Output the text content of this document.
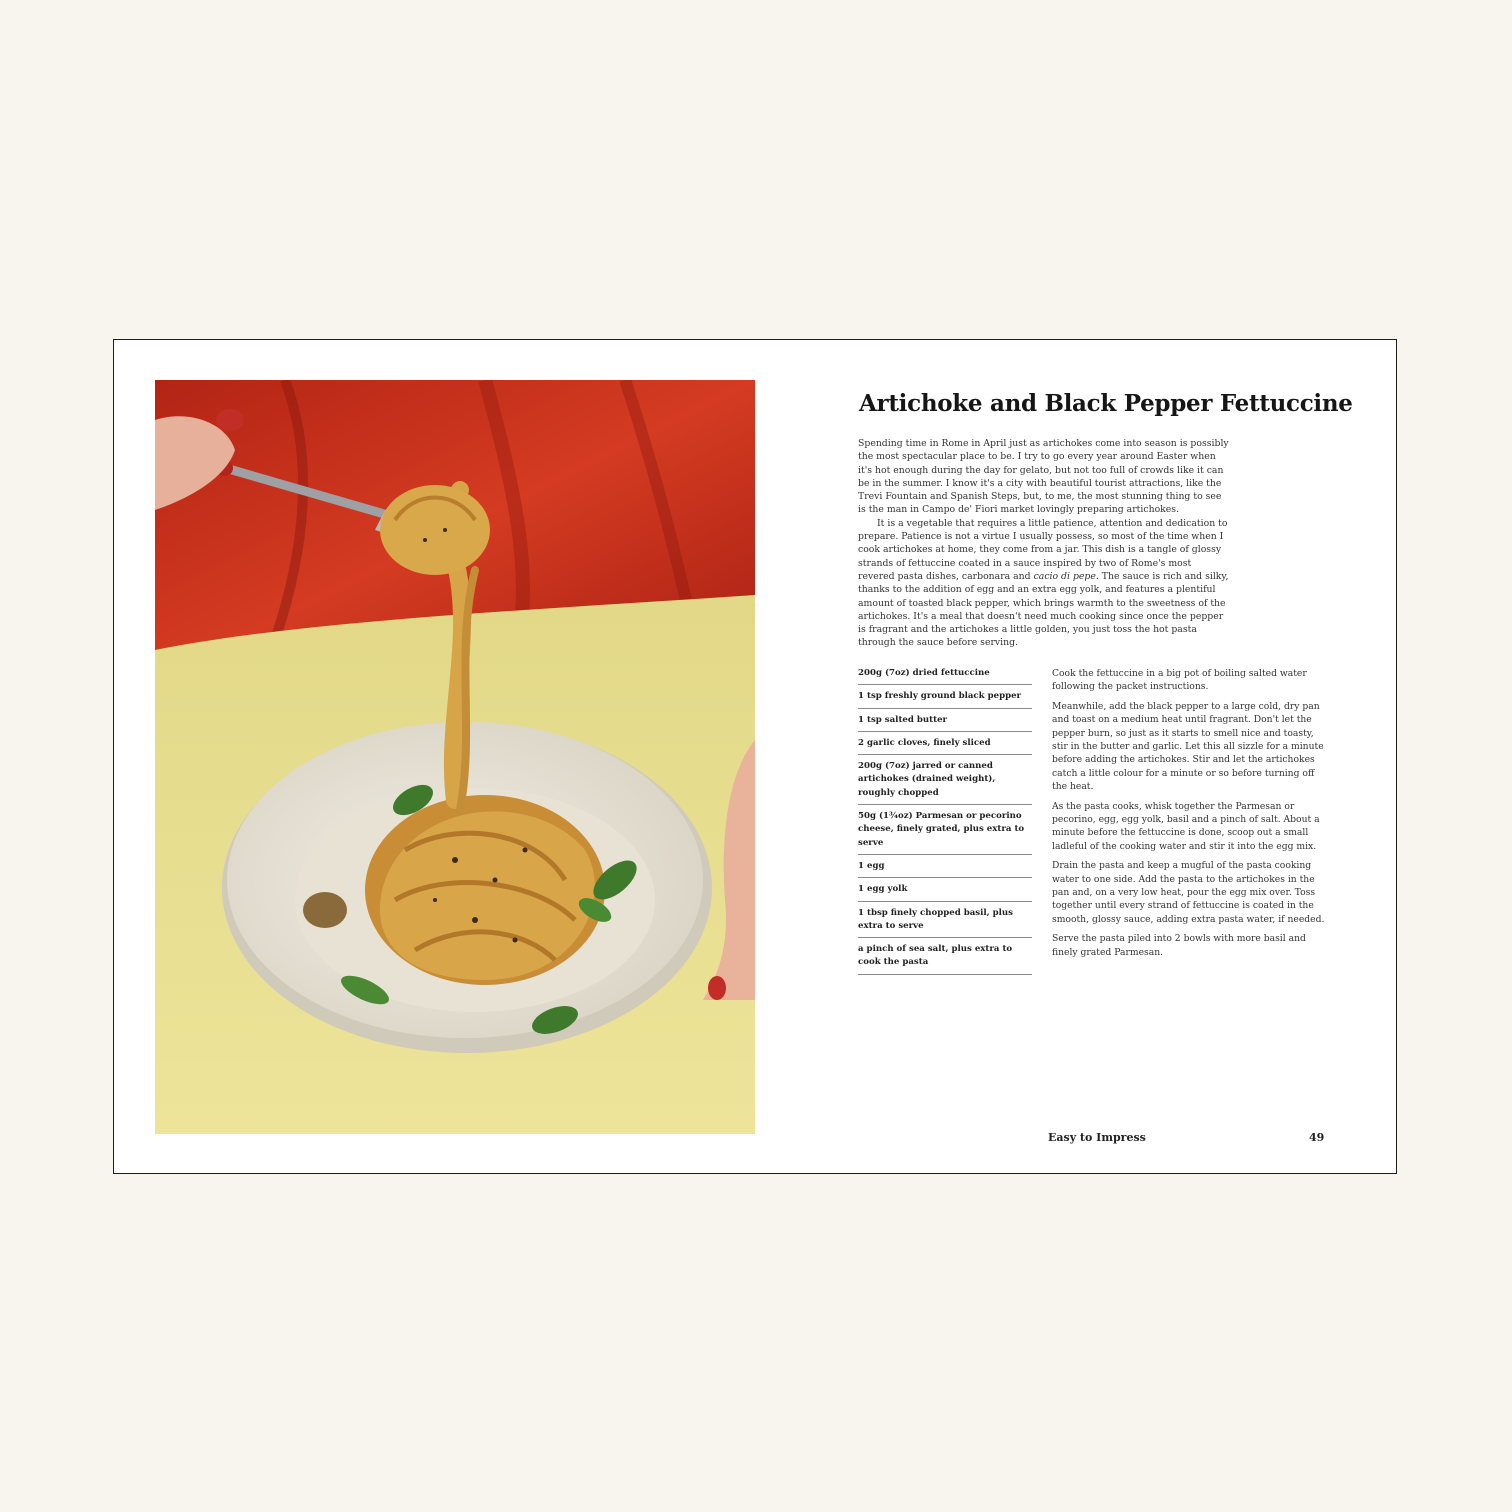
Artichoke and Black Pepper Fettuccine

Spending time in Rome in April just as artichokes come into season is possibly the most spectacular place to be. I try to go every year around Easter when it's hot enough during the day for gelato, but not too full of crowds like it can be in the summer. I know it's a city with beautiful tourist attractions, like the Trevi Fountain and Spanish Steps, but, to me, the most stunning thing to see is the man in Campo de' Fiori market lovingly preparing artichokes.

It is a vegetable that requires a little patience, attention and dedication to prepare. Patience is not a virtue I usually possess, so most of the time when I cook artichokes at home, they come from a jar. This dish is a tangle of glossy strands of fettuccine coated in a sauce inspired by two of Rome's most revered pasta dishes, carbonara and cacio di pepe. The sauce is rich and silky, thanks to the addition of egg and an extra egg yolk, and features a plentiful amount of toasted black pepper, which brings warmth to the sweetness of the artichokes. It's a meal that doesn't need much cooking since once the pepper is fragrant and the artichokes a little golden, you just toss the hot pasta through the sauce before serving.

200g (7oz) dried fettuccine
1 tsp freshly ground black pepper
1 tsp salted butter
2 garlic cloves, finely sliced
200g (7oz) jarred or canned artichokes (drained weight), roughly chopped
50g (1¾oz) Parmesan or pecorino cheese, finely grated, plus extra to serve
1 egg
1 egg yolk
1 tbsp finely chopped basil, plus extra to serve
a pinch of sea salt, plus extra to cook the pasta

Cook the fettuccine in a big pot of boiling salted water following the packet instructions.

Meanwhile, add the black pepper to a large cold, dry pan and toast on a medium heat until fragrant. Don't let the pepper burn, so just as it starts to smell nice and toasty, stir in the butter and garlic. Let this all sizzle for a minute before adding the artichokes. Stir and let the artichokes catch a little colour for a minute or so before turning off the heat.

As the pasta cooks, whisk together the Parmesan or pecorino, egg, egg yolk, basil and a pinch of salt. About a minute before the fettuccine is done, scoop out a small ladleful of the cooking water and stir it into the egg mix.

Drain the pasta and keep a mugful of the pasta cooking water to one side. Add the pasta to the artichokes in the pan and, on a very low heat, pour the egg mix over. Toss together until every strand of fettuccine is coated in the smooth, glossy sauce, adding extra pasta water, if needed.

Serve the pasta piled into 2 bowls with more basil and finely grated Parmesan.

Easy to Impress	49
